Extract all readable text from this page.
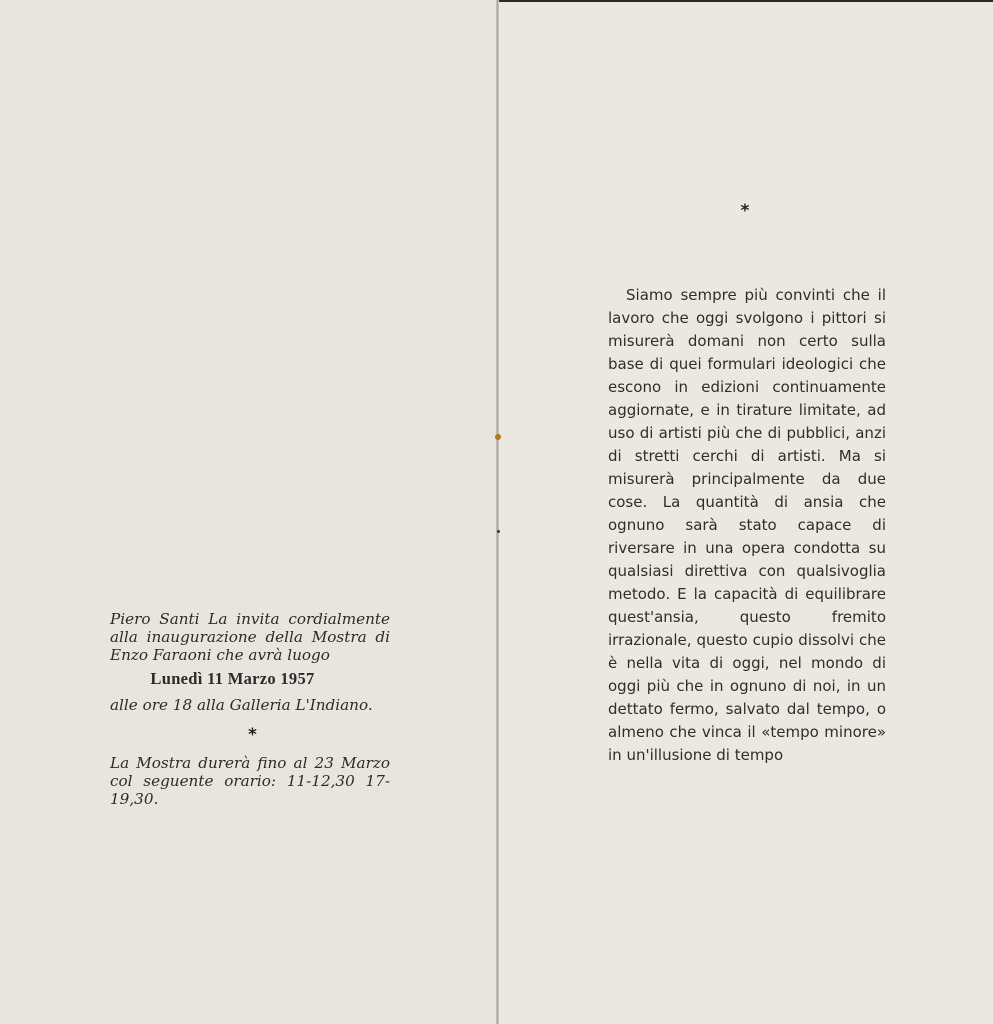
Piero Santi La invita cordialmente alla inaugurazione della Mostra di Enzo Faraoni che avrà luogo
Lunedì 11 Marzo 1957
alle ore 18 alla Galleria L'Indiano.
*
La Mostra durerà fino al 23 Marzo col seguente orario: 11-12,30 17-19,30.
*

Siamo sempre più convinti che il lavoro che oggi svolgono i pittori si misurerà domani non certo sulla base di quei formulari ideologici che escono in edizioni continuamente aggiornate, e in tirature limitate, ad uso di artisti più che di pubblici, anzi di stretti cerchi di artisti. Ma si misurerà principalmente da due cose. La quantità di ansia che ognuno sarà stato capace di riversare in una opera condotta su qualsiasi direttiva con qualsivoglia metodo. E la capacità di equilibrare quest'ansia, questo fremito irrazionale, questo cupio dissolvi che è nella vita di oggi, nel mondo di oggi più che in ognuno di noi, in un dettato fermo, salvato dal tempo, o almeno che vinca il «tempo minore» in un'illusione di tempo
